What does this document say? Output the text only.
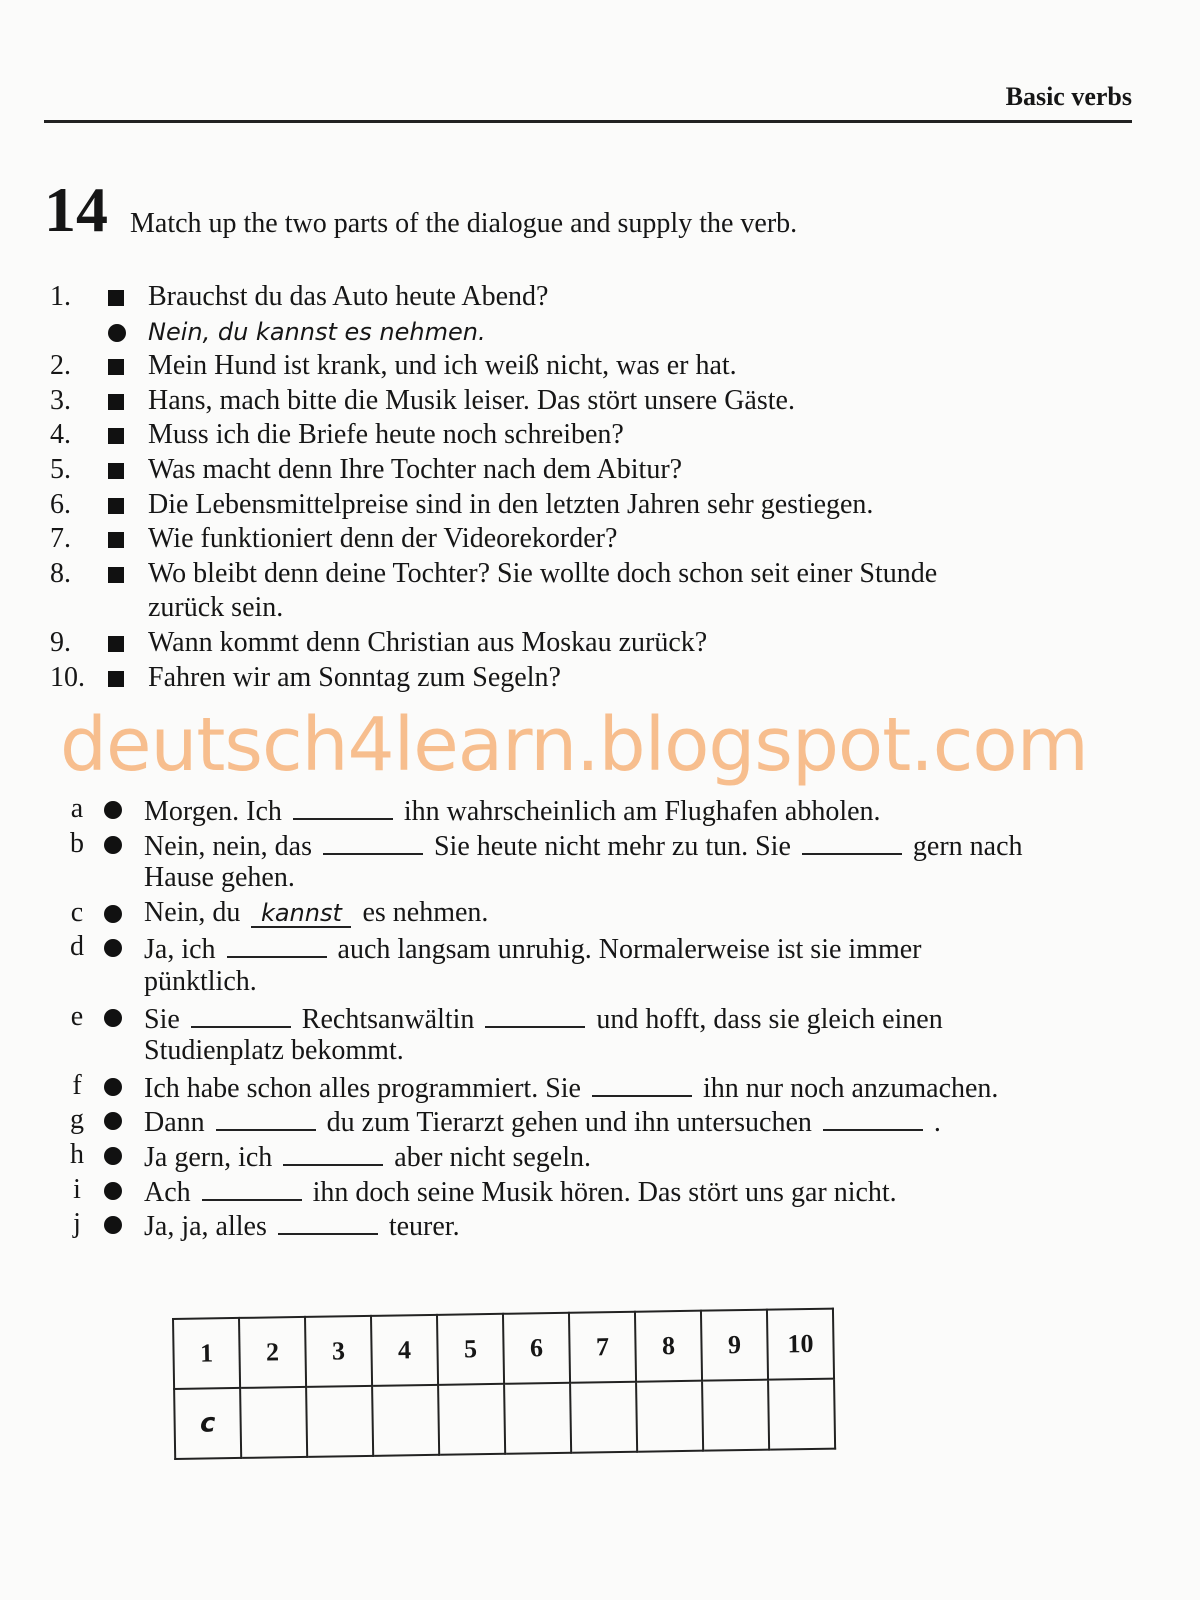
Basic verbs
14 Match up the two parts of the dialogue and supply the verb.
1.	Brauchst du das Auto heute Abend?
Nein, du kannst es nehmen.
2.	Mein Hund ist krank, und ich weiß nicht, was er hat.
3.	Hans, mach bitte die Musik leiser. Das stört unsere Gäste.
4.	Muss ich die Briefe heute noch schreiben?
5.	Was macht denn Ihre Tochter nach dem Abitur?
6.	Die Lebensmittelpreise sind in den letzten Jahren sehr gestiegen.
7.	Wie funktioniert denn der Videorekorder?
8.	Wo bleibt denn deine Tochter? Sie wollte doch schon seit einer Stunde
zurück sein.
9.	Wann kommt denn Christian aus Moskau zurück?
10.	Fahren wir am Sonntag zum Segeln?
deutsch4learn.blogspot.com
a	Morgen. Ich	ihn wahrscheinlich am Flughafen abholen.
b	Nein, nein, das	Sie heute nicht mehr zu tun. Sie	gern nach
Hause gehen.
c	Nein, du kannst es nehmen.
d	Ja, ich	auch langsam unruhig. Normalerweise ist sie immer
pünktlich.
e	Sie	Rechtsanwältin	und hofft, dass sie gleich einen
Studienplatz bekommt.
f	Ich habe schon alles programmiert. Sie	ihn nur noch anzumachen.
g	Dann	du zum Tierarzt gehen und ihn untersuchen	.
h	Ja gern, ich	aber nicht segeln.
i	Ach	ihn doch seine Musik hören. Das stört uns gar nicht.
j	Ja, ja, alles	teurer.
1	2	3	4	5	6	7	8	9	10
c									
